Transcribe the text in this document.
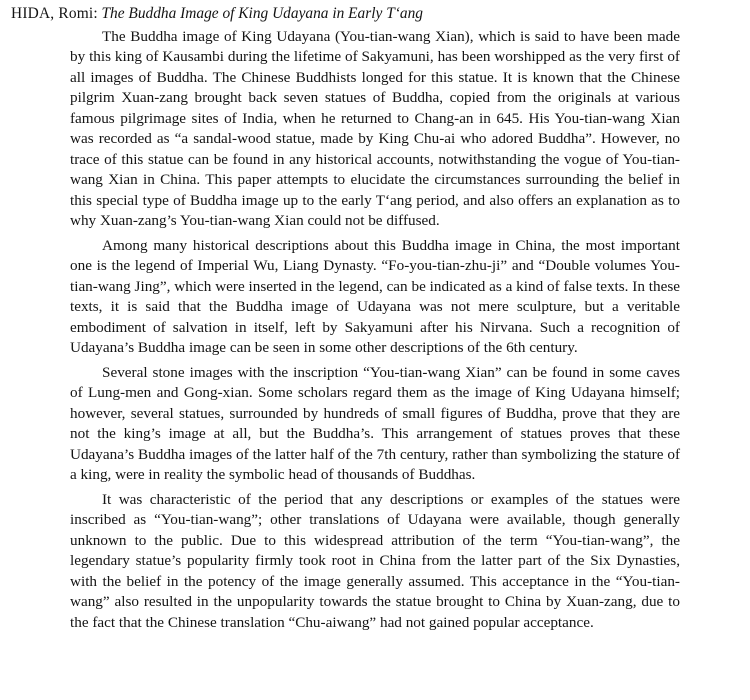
HIDA, Romi: The Buddha Image of King Udayana in Early T‘ang

The Buddha image of King Udayana (You-tian-wang Xian), which is said to have been made by this king of Kausambi during the lifetime of Sakyamuni, has been worshipped as the very first of all images of Buddha. The Chinese Buddhists longed for this statue. It is known that the Chinese pilgrim Xuan-zang brought back seven statues of Buddha, copied from the originals at various famous pilgrimage sites of India, when he returned to Chang-an in 645. His You-tian-wang Xian was recorded as “a sandal-wood statue, made by King Chu-ai who adored Buddha”. However, no trace of this statue can be found in any historical accounts, notwithstanding the vogue of You-tian-wang Xian in China. This paper attempts to elucidate the circumstances surrounding the belief in this special type of Buddha image up to the early T‘ang period, and also offers an explanation as to why Xuan-zang’s You-tian-wang Xian could not be diffused.

Among many historical descriptions about this Buddha image in China, the most important one is the legend of Imperial Wu, Liang Dynasty. “Fo-you-tian-zhu-ji” and “Double volumes You-tian-wang Jing”, which were inserted in the legend, can be indicated as a kind of false texts. In these texts, it is said that the Buddha image of Udayana was not mere sculpture, but a veritable embodiment of salvation in itself, left by Sakyamuni after his Nirvana. Such a recognition of Udayana’s Buddha image can be seen in some other descriptions of the 6th century.

Several stone images with the inscription “You-tian-wang Xian” can be found in some caves of Lung-men and Gong-xian. Some scholars regard them as the image of King Udayana himself; however, several statues, surrounded by hundreds of small figures of Buddha, prove that they are not the king’s image at all, but the Buddha’s. This arrangement of statues proves that these Udayana’s Buddha images of the latter half of the 7th century, rather than symbolizing the stature of a king, were in reality the symbolic head of thousands of Buddhas.

It was characteristic of the period that any descriptions or examples of the statues were inscribed as “You-tian-wang”; other translations of Udayana were available, though generally unknown to the public. Due to this widespread attribution of the term “You-tian-wang”, the legendary statue’s popularity firmly took root in China from the latter part of the Six Dynasties, with the belief in the potency of the image generally assumed. This acceptance in the “You-tian-wang” also resulted in the unpopularity towards the statue brought to China by Xuan-zang, due to the fact that the Chinese translation “Chu-aiwang” had not gained popular acceptance.
